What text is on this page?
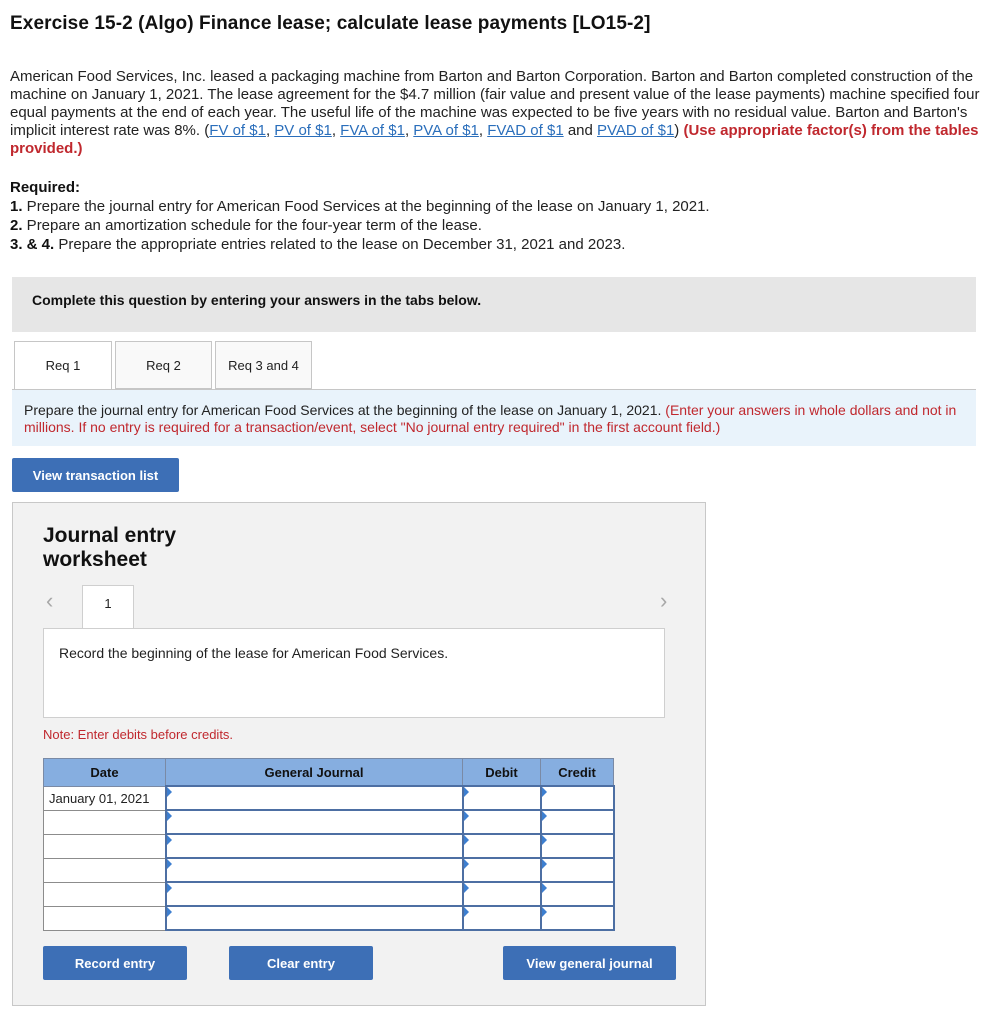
Exercise 15-2 (Algo) Finance lease; calculate lease payments [LO15-2]
American Food Services, Inc. leased a packaging machine from Barton and Barton Corporation. Barton and Barton completed construction of the machine on January 1, 2021. The lease agreement for the $4.7 million (fair value and present value of the lease payments) machine specified four equal payments at the end of each year. The useful life of the machine was expected to be five years with no residual value. Barton and Barton's implicit interest rate was 8%. (FV of $1, PV of $1, FVA of $1, PVA of $1, FVAD of $1 and PVAD of $1) (Use appropriate factor(s) from the tables provided.)
Required:
1. Prepare the journal entry for American Food Services at the beginning of the lease on January 1, 2021.
2. Prepare an amortization schedule for the four-year term of the lease.
3. & 4. Prepare the appropriate entries related to the lease on December 31, 2021 and 2023.
Complete this question by entering your answers in the tabs below.
Req 1	Req 2	Req 3 and 4
Prepare the journal entry for American Food Services at the beginning of the lease on January 1, 2021. (Enter your answers in whole dollars and not in millions. If no entry is required for a transaction/event, select "No journal entry required" in the first account field.)
View transaction list
Journal entry
worksheet
‹	1	›
Record the beginning of the lease for American Food Services.
Note: Enter debits before credits.
Date	General Journal	Debit	Credit
January 01, 2021	

Record entry	Clear entry	View general journal
